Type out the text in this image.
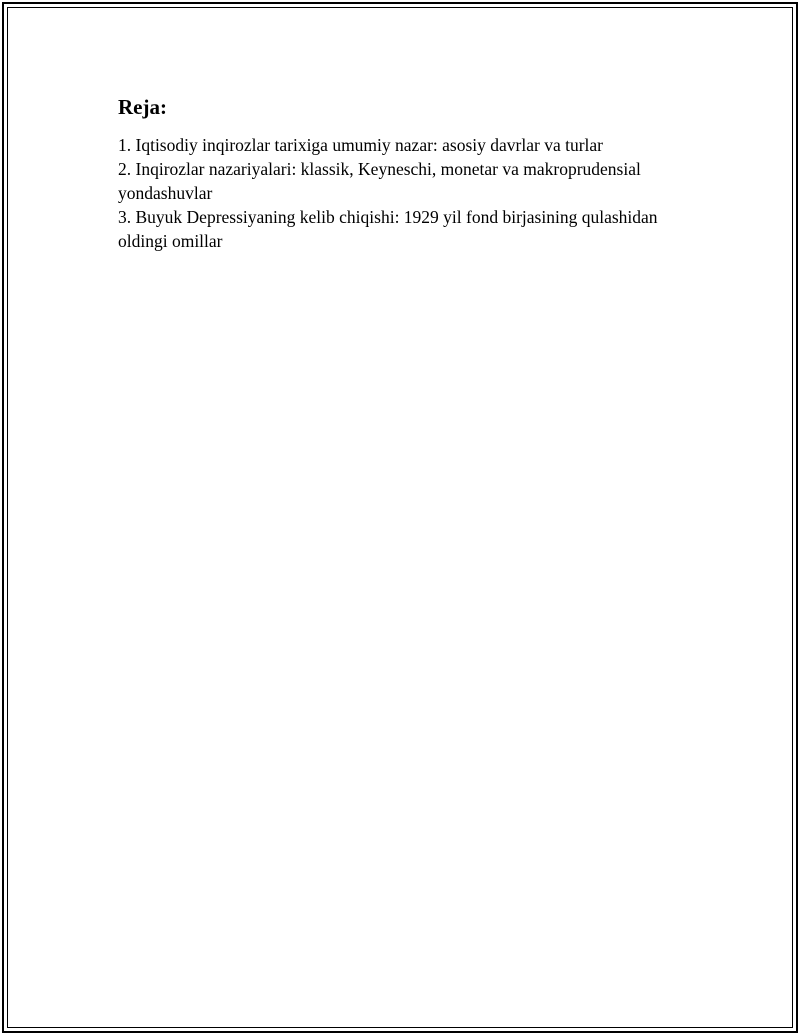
Reja:
1. Iqtisodiy inqirozlar tarixiga umumiy nazar: asosiy davrlar va turlar
2. Inqirozlar nazariyalari: klassik, Keyneschi, monetar va makroprudensial yondashuvlar
3. Buyuk Depressiyaning kelib chiqishi: 1929 yil fond birjasining qulashidan oldingi omillar
